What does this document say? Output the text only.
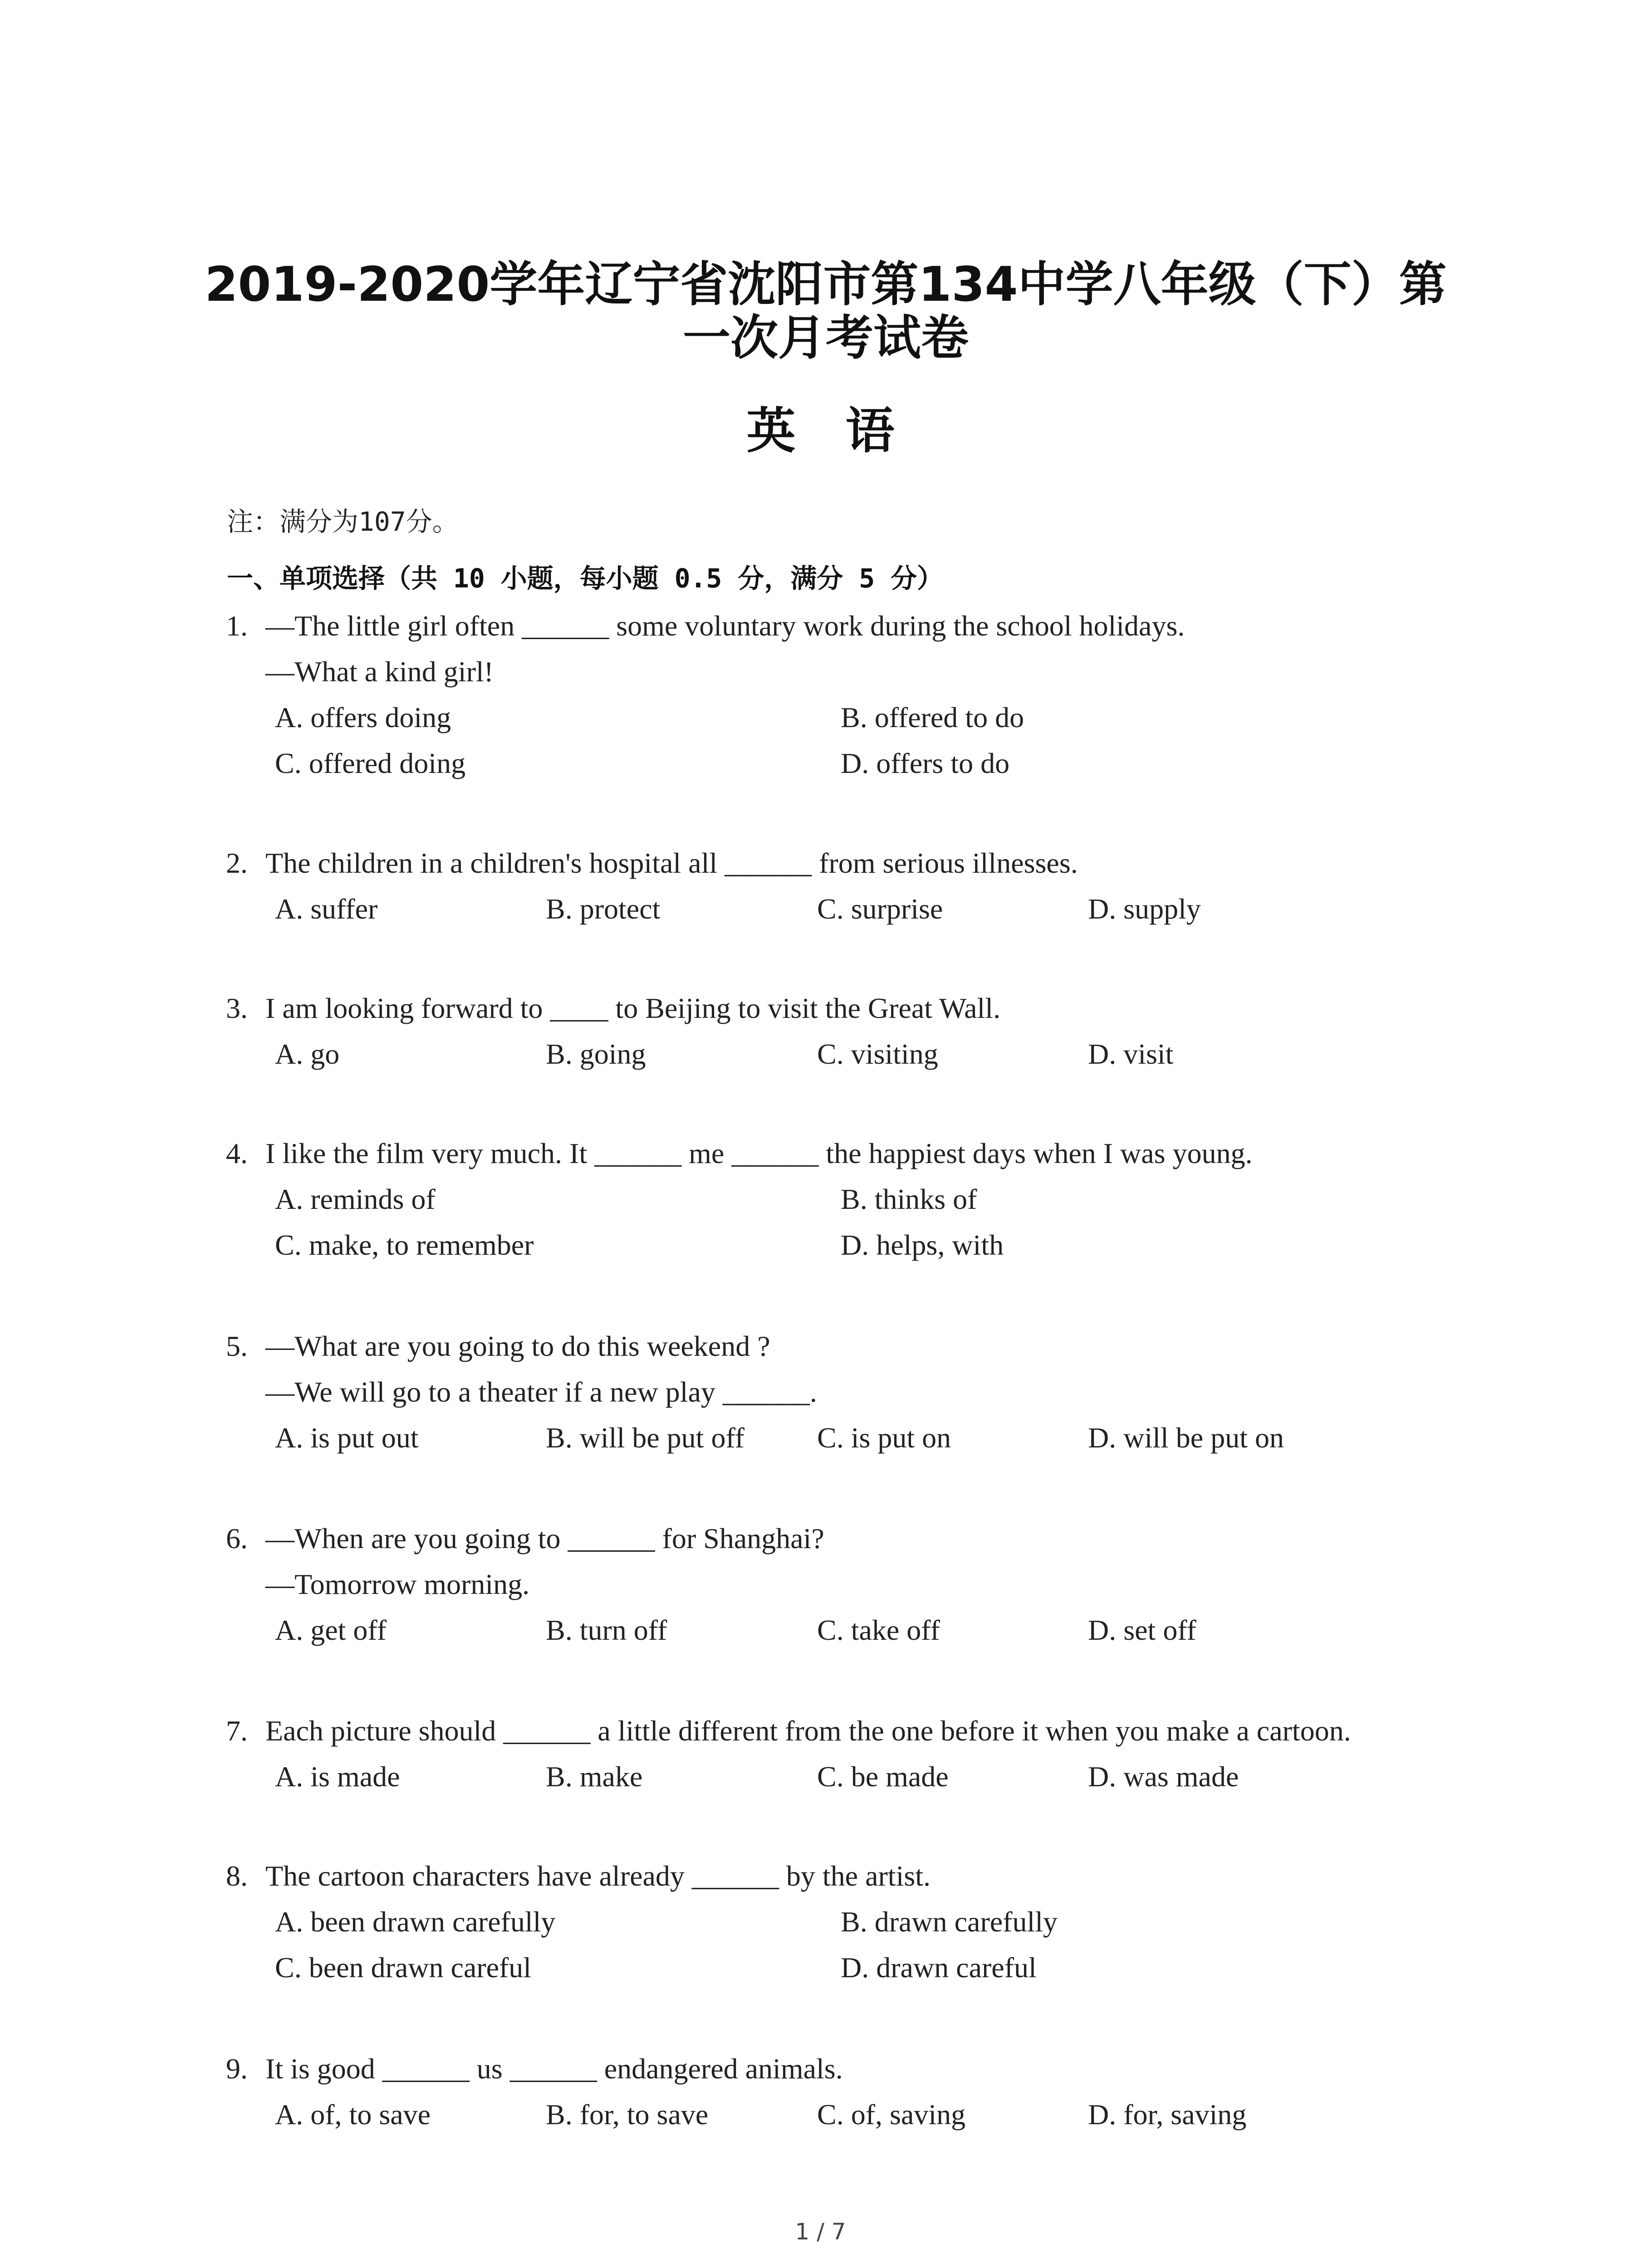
2019-2020学年辽宁省沈阳市第134中学八年级（下）第
一次月考试卷
英语
注：满分为107分。
一、单项选择（共 10 小题，每小题 0.5 分，满分 5 分）
1. —The little girl often ______ some voluntary work during the school holidays.
—What a kind girl!
A. offers doing	B. offered to do
C. offered doing	D. offers to do
2. The children in a children's hospital all ______ from serious illnesses.
A. suffer	B. protect	C. surprise	D. supply
3. I am looking forward to ____ to Beijing to visit the Great Wall.
A. go	B. going	C. visiting	D. visit
4. I like the film very much. It ______ me ______ the happiest days when I was young.
A. reminds of	B. thinks of
C. make, to remember	D. helps, with
5. —What are you going to do this weekend ?
—We will go to a theater if a new play ______.
A. is put out	B. will be put off	C. is put on	D. will be put on
6. —When are you going to ______ for Shanghai?
—Tomorrow morning.
A. get off	B. turn off	C. take off	D. set off
7. Each picture should ______ a little different from the one before it when you make a cartoon.
A. is made	B. make	C. be made	D. was made
8. The cartoon characters have already ______ by the artist.
A. been drawn carefully	B. drawn carefully
C. been drawn careful	D. drawn careful
9. It is good ______ us ______ endangered animals.
A. of, to save	B. for, to save	C. of, saving	D. for, saving
1 / 7
